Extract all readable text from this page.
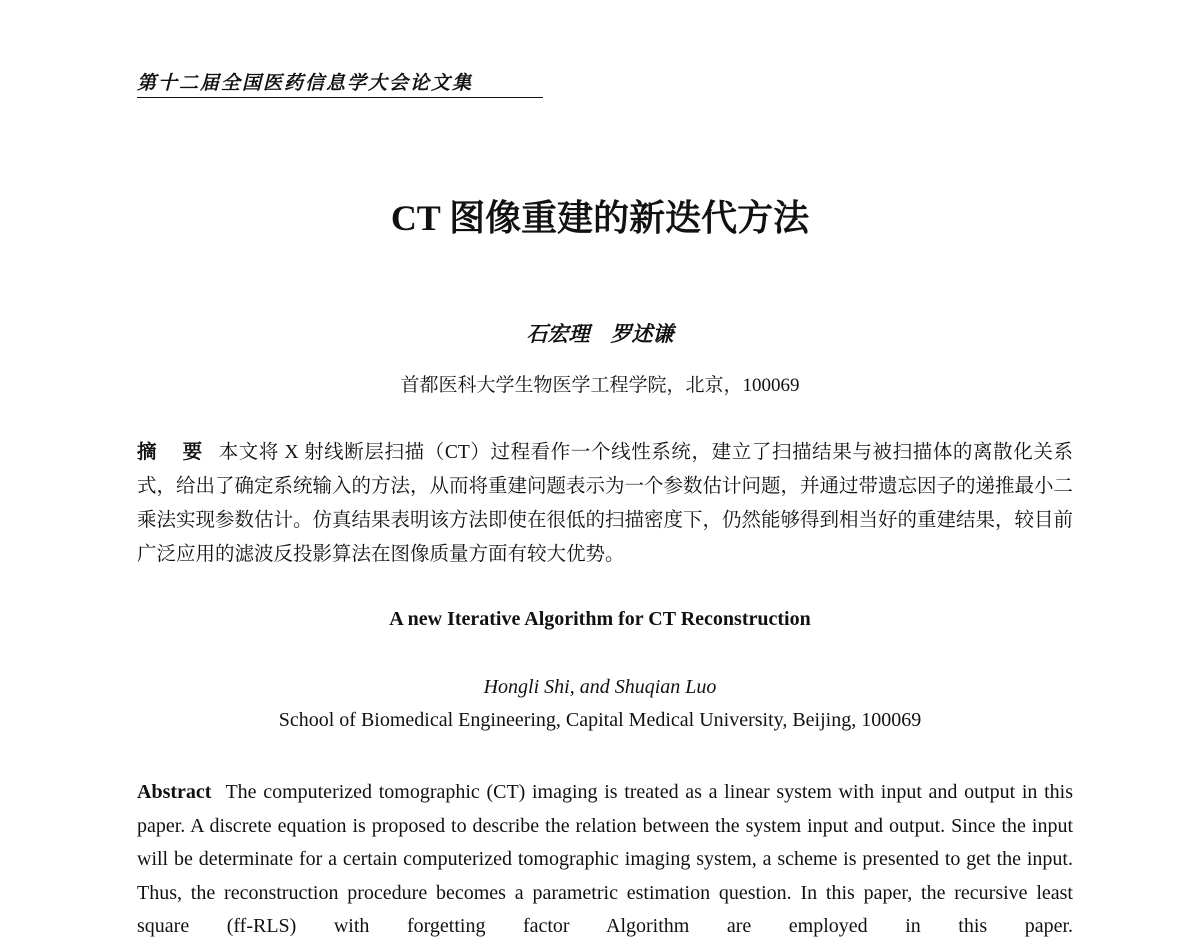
第十二届全国医药信息学大会论文集
CT 图像重建的新迭代方法
石宏理　罗述谦
首都医科大学生物医学工程学院，北京，100069
摘 要 本文将 X 射线断层扫描（CT）过程看作一个线性系统，建立了扫描结果与被扫描体的离散化关系式，给出了确定系统输入的方法，从而将重建问题表示为一个参数估计问题，并通过带遗忘因子的递推最小二乘法实现参数估计。仿真结果表明该方法即使在很低的扫描密度下，仍然能够得到相当好的重建结果，较目前广泛应用的滤波反投影算法在图像质量方面有较大优势。
A new Iterative Algorithm for CT Reconstruction
Hongli Shi, and Shuqian Luo
School of Biomedical Engineering, Capital Medical University, Beijing, 100069
Abstract The computerized tomographic (CT) imaging is treated as a linear system with input and output in this paper. A discrete equation is proposed to describe the relation between the system input and output. Since the input will be determinate for a certain computerized tomographic imaging system, a scheme is presented to get the input. Thus, the reconstruction procedure becomes a parametric estimation question. In this paper, the recursive least square (ff-RLS) with forgetting factor Algorithm are employed in this paper.
